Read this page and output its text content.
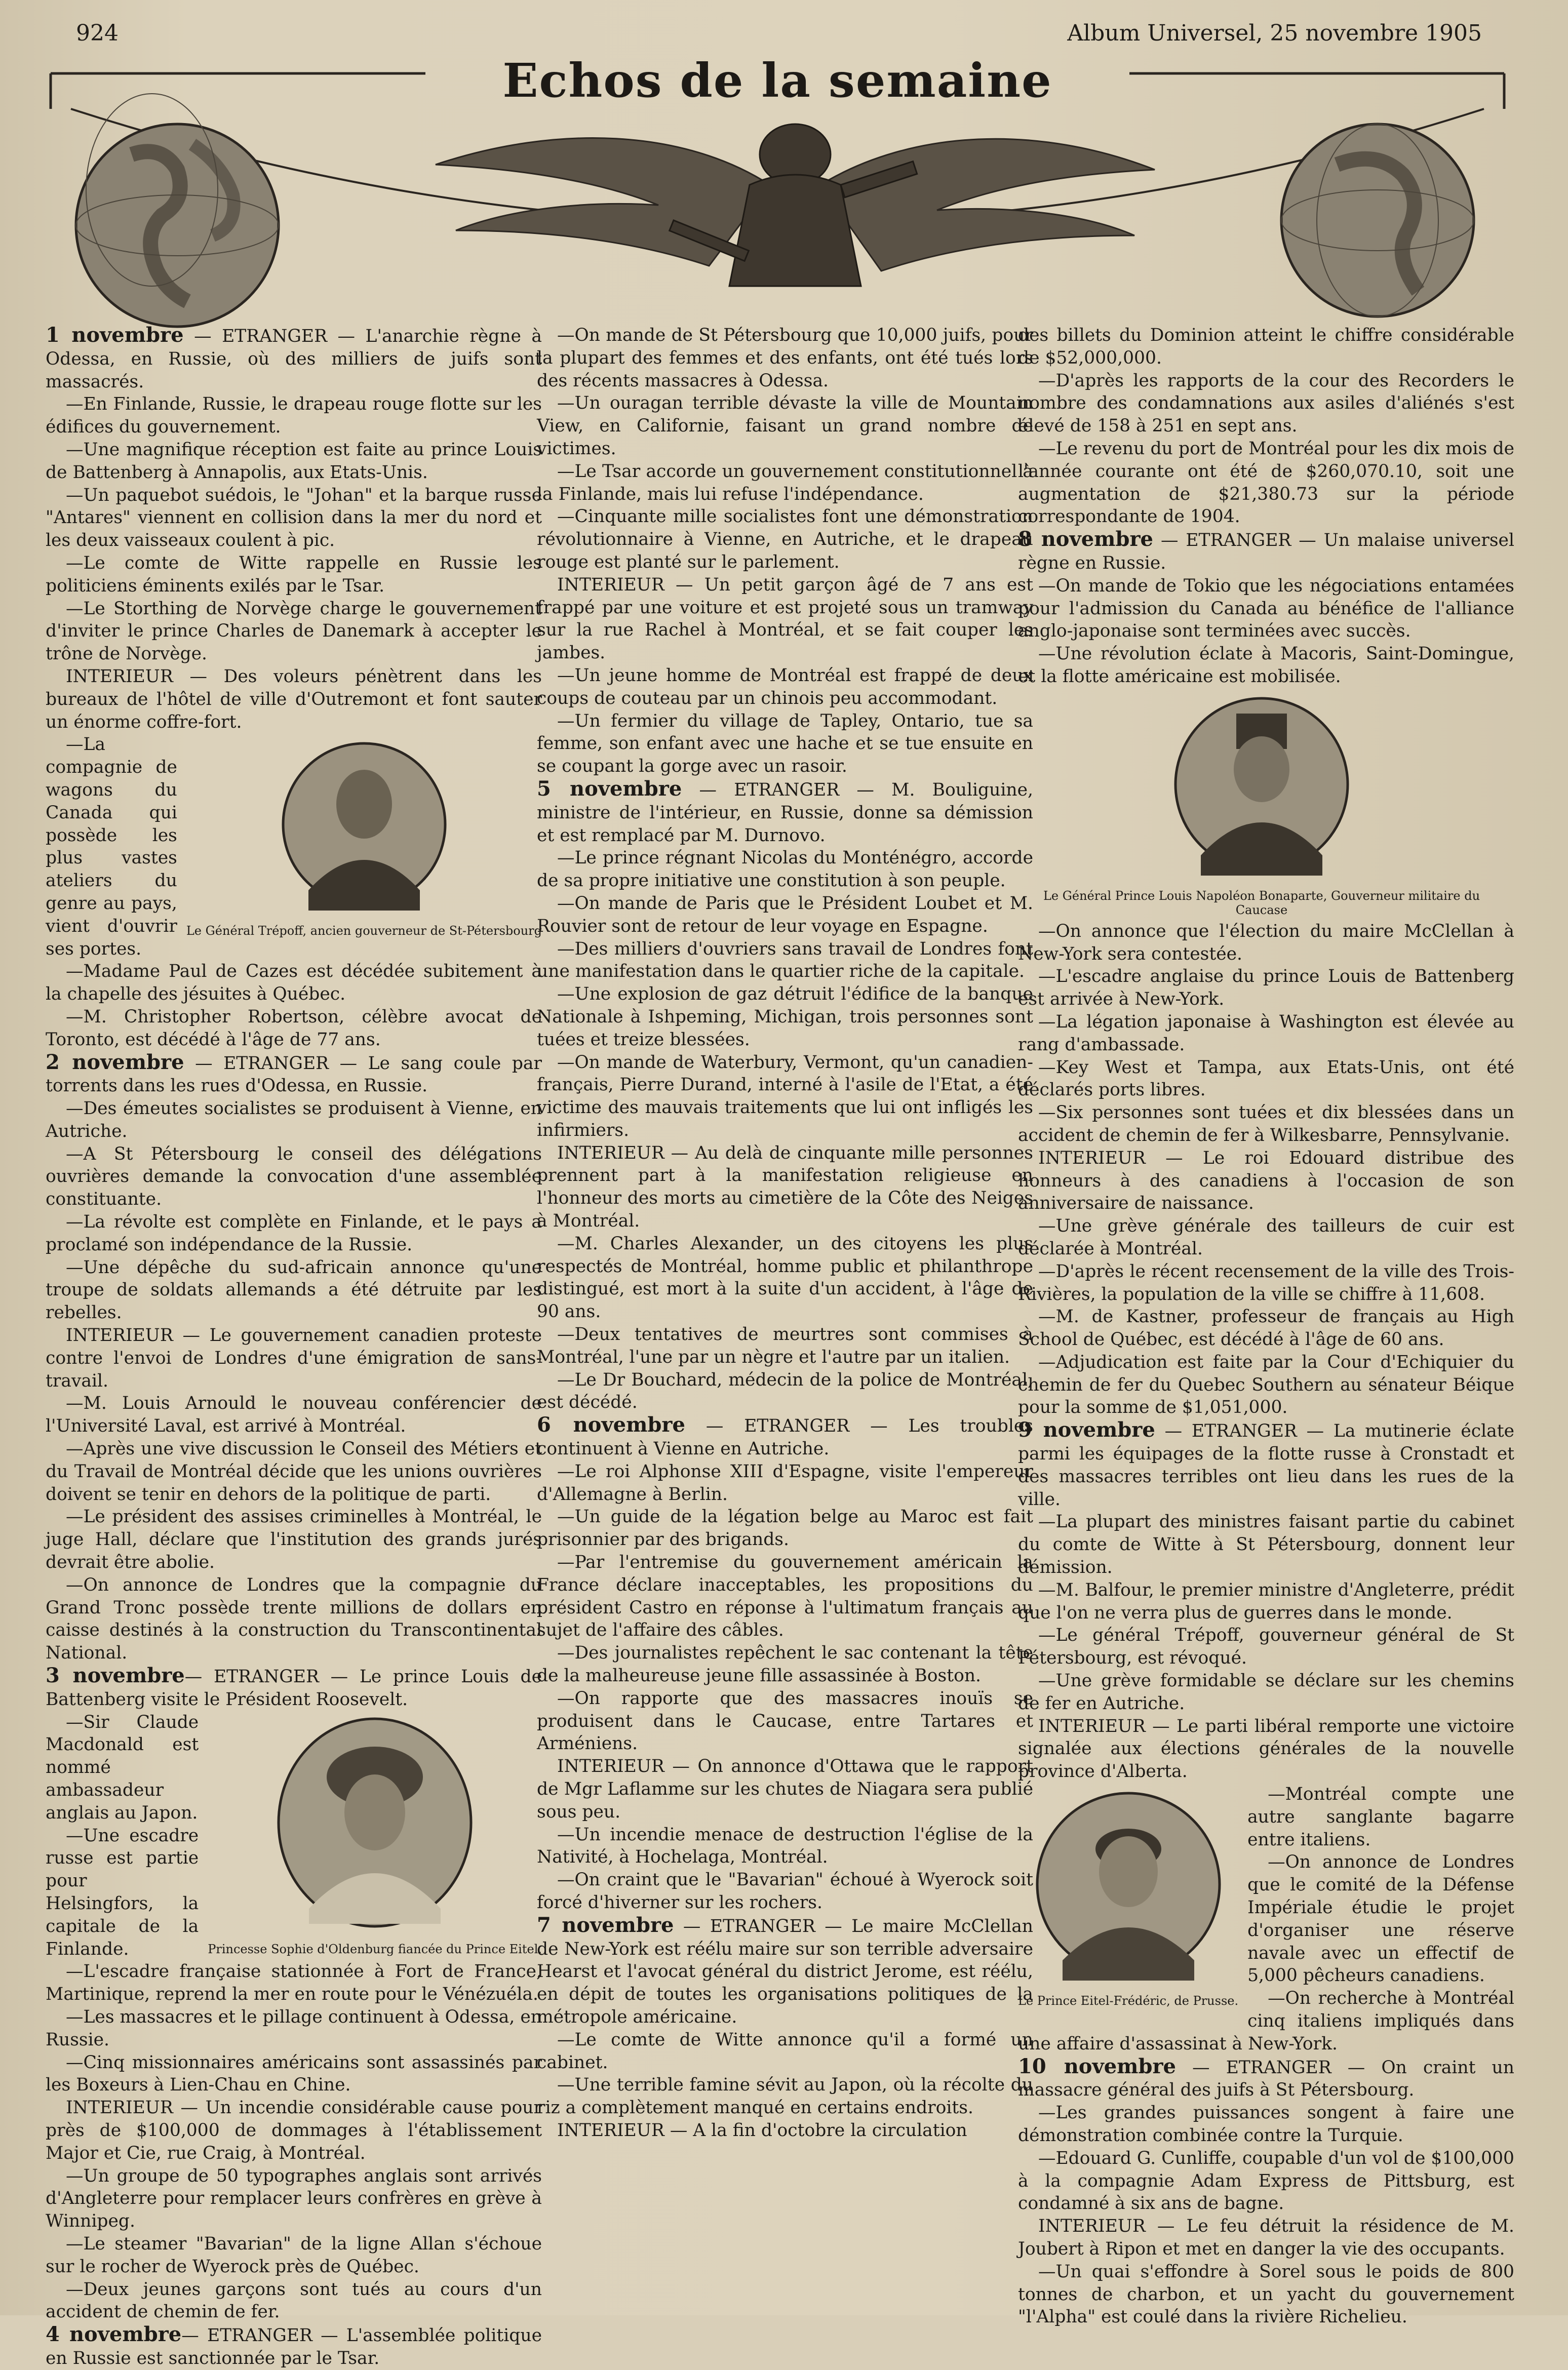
924	Album Universel, 25 novembre 1905
Echos de la semaine

1 novembre — ETRANGER — L'anarchie règne à Odessa, en Russie, où des milliers de juifs sont massacrés.

—En Finlande, Russie, le drapeau rouge flotte sur les édifices du gouvernement.

—Une magnifique réception est faite au prince Louis de Battenberg à Annapolis, aux Etats-Unis.

—Un paquebot suédois, le "Johan" et la barque russe "Antares" viennent en collision dans la mer du nord et les deux vaisseaux coulent à pic.

—Le comte de Witte rappelle en Russie les politiciens éminents exilés par le Tsar.

—Le Storthing de Norvège charge le gouvernement d'inviter le prince Charles de Danemark à accepter le trône de Norvège.

INTERIEUR — Des voleurs pénètrent dans les bureaux de l'hôtel de ville d'Outremont et font sauter un énorme coffre-fort.

Le Général Trépoff, ancien gouverneur de St-Pétersbourg

—La compagnie de wagons du Canada qui possède les plus vastes ateliers du genre au pays, vient d'ouvrir ses portes.

—Madame Paul de Cazes est décédée subitement à la chapelle des jésuites à Québec.

—M. Christopher Robertson, célèbre avocat de Toronto, est décédé à l'âge de 77 ans.

2 novembre — ETRANGER — Le sang coule par torrents dans les rues d'Odessa, en Russie.

—Des émeutes socialistes se produisent à Vienne, en Autriche.

—A St Pétersbourg le conseil des délégations ouvrières demande la convocation d'une assemblée constituante.

—La révolte est complète en Finlande, et le pays a proclamé son indépendance de la Russie.

—Une dépêche du sud-africain annonce qu'une troupe de soldats allemands a été détruite par les rebelles.

INTERIEUR — Le gouvernement canadien proteste contre l'envoi de Londres d'une émigration de sans-travail.

—M. Louis Arnould le nouveau conférencier de l'Université Laval, est arrivé à Montréal.

—Après une vive discussion le Conseil des Métiers et du Travail de Montréal décide que les unions ouvrières doivent se tenir en dehors de la politique de parti.

—Le président des assises criminelles à Montréal, le juge Hall, déclare que l'institution des grands jurés devrait être abolie.

—On annonce de Londres que la compagnie du Grand Tronc possède trente millions de dollars en caisse destinés à la construction du Transcontinental National.

3 novembre— ETRANGER — Le prince Louis de Battenberg visite le Président Roosevelt.

Princesse Sophie d'Oldenburg fiancée du Prince Eitel.

—Sir Claude Macdonald est nommé ambassadeur anglais au Japon.

—Une escadre russe est partie pour Helsingfors, la capitale de la Finlande.

—L'escadre française stationnée à Fort de France, Martinique, reprend la mer en route pour le Vénézuéla.

—Les massacres et le pillage continuent à Odessa, en Russie.

—Cinq missionnaires américains sont assassinés par les Boxeurs à Lien-Chau en Chine.

INTERIEUR — Un incendie considérable cause pour près de $100,000 de dommages à l'établissement Major et Cie, rue Craig, à Montréal.

—Un groupe de 50 typographes anglais sont arrivés d'Angleterre pour remplacer leurs confrères en grève à Winnipeg.

—Le steamer "Bavarian" de la ligne Allan s'échoue sur le rocher de Wyerock près de Québec.

—Deux jeunes garçons sont tués au cours d'un accident de chemin de fer.

4 novembre— ETRANGER — L'assemblée politique en Russie est sanctionnée par le Tsar.

—On mande de St Pétersbourg que 10,000 juifs, pour la plupart des femmes et des enfants, ont été tués lors des récents massacres à Odessa.

—Un ouragan terrible dévaste la ville de Mountain View, en Californie, faisant un grand nombre de victimes.

—Le Tsar accorde un gouvernement constitutionnel à la Finlande, mais lui refuse l'indépendance.

—Cinquante mille socialistes font une démonstration révolutionnaire à Vienne, en Autriche, et le drapeau rouge est planté sur le parlement.

INTERIEUR — Un petit garçon âgé de 7 ans est frappé par une voiture et est projeté sous un tramway sur la rue Rachel à Montréal, et se fait couper les jambes.

—Un jeune homme de Montréal est frappé de deux coups de couteau par un chinois peu accommodant.

—Un fermier du village de Tapley, Ontario, tue sa femme, son enfant avec une hache et se tue ensuite en se coupant la gorge avec un rasoir.

5 novembre — ETRANGER — M. Bouliguine, ministre de l'intérieur, en Russie, donne sa démission et est remplacé par M. Durnovo.

—Le prince régnant Nicolas du Monténégro, accorde de sa propre initiative une constitution à son peuple.

—On mande de Paris que le Président Loubet et M. Rouvier sont de retour de leur voyage en Espagne.

—Des milliers d'ouvriers sans travail de Londres font une manifestation dans le quartier riche de la capitale.

—Une explosion de gaz détruit l'édifice de la banque Nationale à Ishpeming, Michigan, trois personnes sont tuées et treize blessées.

—On mande de Waterbury, Vermont, qu'un canadien-français, Pierre Durand, interné à l'asile de l'Etat, a été victime des mauvais traitements que lui ont infligés les infirmiers.

INTERIEUR — Au delà de cinquante mille personnes prennent part à la manifestation religieuse en l'honneur des morts au cimetière de la Côte des Neiges à Montréal.

—M. Charles Alexander, un des citoyens les plus respectés de Montréal, homme public et philanthrope distingué, est mort à la suite d'un accident, à l'âge de 90 ans.

—Deux tentatives de meurtres sont commises à Montréal, l'une par un nègre et l'autre par un italien.

—Le Dr Bouchard, médecin de la police de Montréal, est décédé.

6 novembre — ETRANGER — Les troubles continuent à Vienne en Autriche.

—Le roi Alphonse XIII d'Espagne, visite l'empereur d'Allemagne à Berlin.

—Un guide de la légation belge au Maroc est fait prisonnier par des brigands.

—Par l'entremise du gouvernement américain la France déclare inacceptables, les propositions du président Castro en réponse à l'ultimatum français au sujet de l'affaire des câbles.

—Des journalistes repêchent le sac contenant la tête de la malheureuse jeune fille assassinée à Boston.

—On rapporte que des massacres inouïs se produisent dans le Caucase, entre Tartares et Arméniens.

INTERIEUR — On annonce d'Ottawa que le rapport de Mgr Laflamme sur les chutes de Niagara sera publié sous peu.

—Un incendie menace de destruction l'église de la Nativité, à Hochelaga, Montréal.

—On craint que le "Bavarian" échoué à Wyerock soit forcé d'hiverner sur les rochers.

7 novembre — ETRANGER — Le maire McClellan de New-York est réélu maire sur son terrible adversaire Hearst et l'avocat général du district Jerome, est réélu, en dépit de toutes les organisations politiques de la métropole américaine.

—Le comte de Witte annonce qu'il a formé un cabinet.

—Une terrible famine sévit au Japon, où la récolte du riz a complètement manqué en certains endroits.

INTERIEUR — A la fin d'octobre la circulation

des billets du Dominion atteint le chiffre considérable de $52,000,000.

—D'après les rapports de la cour des Recorders le nombre des condamnations aux asiles d'aliénés s'est élevé de 158 à 251 en sept ans.

—Le revenu du port de Montréal pour les dix mois de l'année courante ont été de $260,070.10, soit une augmentation de $21,380.73 sur la période correspondante de 1904.

8 novembre — ETRANGER — Un malaise universel règne en Russie.

—On mande de Tokio que les négociations entamées pour l'admission du Canada au bénéfice de l'alliance anglo-japonaise sont terminées avec succès.

—Une révolution éclate à Macoris, Saint-Domingue, et la flotte américaine est mobilisée.

Le Général Prince Louis Napoléon Bonaparte, Gouverneur militaire du Caucase

—On annonce que l'élection du maire McClellan à New-York sera contestée.

—L'escadre anglaise du prince Louis de Battenberg est arrivée à New-York.

—La légation japonaise à Washington est élevée au rang d'ambassade.

—Key West et Tampa, aux Etats-Unis, ont été déclarés ports libres.

—Six personnes sont tuées et dix blessées dans un accident de chemin de fer à Wilkesbarre, Pennsylvanie.

INTERIEUR — Le roi Edouard distribue des honneurs à des canadiens à l'occasion de son anniversaire de naissance.

—Une grève générale des tailleurs de cuir est déclarée à Montréal.

—D'après le récent recensement de la ville des Trois-Rivières, la population de la ville se chiffre à 11,608.

—M. de Kastner, professeur de français au High School de Québec, est décédé à l'âge de 60 ans.

—Adjudication est faite par la Cour d'Echiquier du chemin de fer du Quebec Southern au sénateur Béique pour la somme de $1,051,000.

9 novembre — ETRANGER — La mutinerie éclate parmi les équipages de la flotte russe à Cronstadt et des massacres terribles ont lieu dans les rues de la ville.

—La plupart des ministres faisant partie du cabinet du comte de Witte à St Pétersbourg, donnent leur démission.

—M. Balfour, le premier ministre d'Angleterre, prédit que l'on ne verra plus de guerres dans le monde.

—Le général Trépoff, gouverneur général de St Pétersbourg, est révoqué.

—Une grève formidable se déclare sur les chemins de fer en Autriche.

INTERIEUR — Le parti libéral remporte une victoire signalée aux élections générales de la nouvelle province d'Alberta.

Le Prince Eitel-Frédéric, de Prusse.

—Montréal compte une autre sanglante bagarre entre italiens.

—On annonce de Londres que le comité de la Défense Impériale étudie le projet d'organiser une réserve navale avec un effectif de 5,000 pêcheurs canadiens.

—On recherche à Montréal cinq italiens impliqués dans une affaire d'assassinat à New-York.

10 novembre — ETRANGER — On craint un massacre général des juifs à St Pétersbourg.

—Les grandes puissances songent à faire une démonstration combinée contre la Turquie.

—Edouard G. Cunliffe, coupable d'un vol de $100,000 à la compagnie Adam Express de Pittsburg, est condamné à six ans de bagne.

INTERIEUR — Le feu détruit la résidence de M. Joubert à Ripon et met en danger la vie des occupants.

—Un quai s'effondre à Sorel sous le poids de 800 tonnes de charbon, et un yacht du gouvernement "l'Alpha" est coulé dans la rivière Richelieu.
